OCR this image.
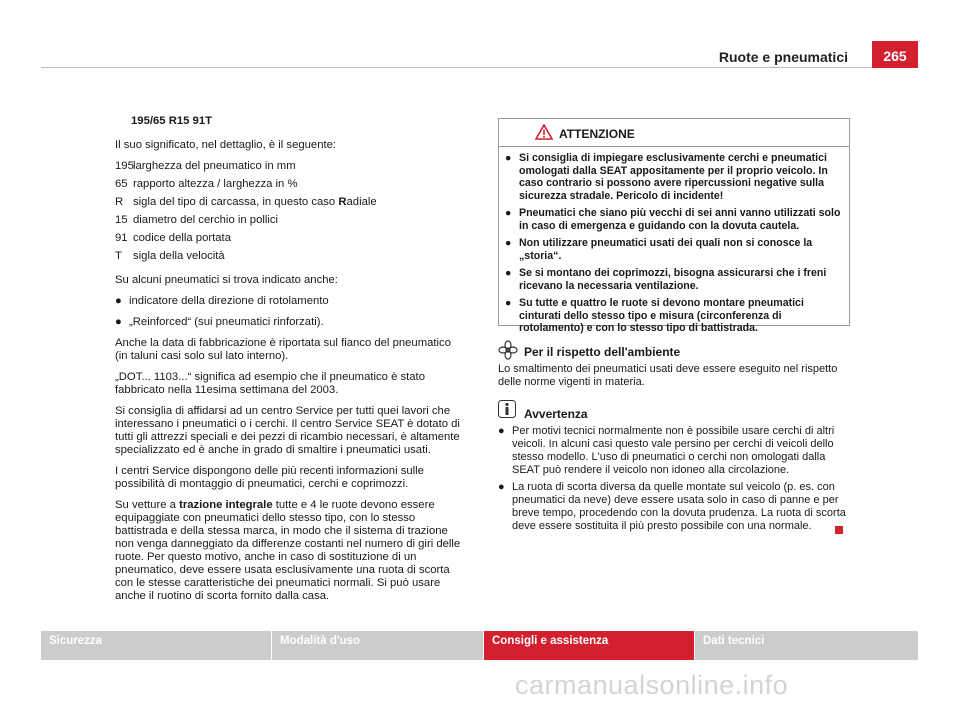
Ruote e pneumatici	265

195/65 R15 91T

Il suo significato, nel dettaglio, è il seguente:

195 larghezza del pneumatico in mm
65 rapporto altezza / larghezza in %
R sigla del tipo di carcassa, in questo caso Radiale
15 diametro del cerchio in pollici
91 codice della portata
T sigla della velocità

Su alcuni pneumatici si trova indicato anche:

● indicatore della direzione di rotolamento
● „Reinforced“ (sui pneumatici rinforzati).

Anche la data di fabbricazione è riportata sul fianco del pneumatico (in taluni casi solo sul lato interno).

„DOT... 1103...“ significa ad esempio che il pneumatico è stato fabbricato nella 11esima settimana del 2003.

Si consiglia di affidarsi ad un centro Service per tutti quei lavori che interessano i pneumatici o i cerchi. Il centro Service SEAT è dotato di tutti gli attrezzi speciali e dei pezzi di ricambio necessari, è altamente specializzato ed è anche in grado di smaltire i pneumatici usati.

I centri Service dispongono delle più recenti informazioni sulle possibilità di montaggio di pneumatici, cerchi e coprimozzi.

Su vetture a trazione integrale tutte e 4 le ruote devono essere equipaggiate con pneumatici dello stesso tipo, con lo stesso battistrada e della stessa marca, in modo che il sistema di trazione non venga danneggiato da differenze costanti nel numero di giri delle ruote. Per questo motivo, anche in caso di sostituzione di un pneumatico, deve essere usata esclusivamente una ruota di scorta con le stesse caratteristiche dei pneumatici normali. Si può usare anche il ruotino di scorta fornito dalla casa.

ATTENZIONE
● Si consiglia di impiegare esclusivamente cerchi e pneumatici omologati dalla SEAT appositamente per il proprio veicolo. In caso contrario si possono avere ripercussioni negative sulla sicurezza stradale. Pericolo di incidente!
● Pneumatici che siano più vecchi di sei anni vanno utilizzati solo in caso di emergenza e guidando con la dovuta cautela.
● Non utilizzare pneumatici usati dei quali non si conosce la „storia“.
● Se si montano dei coprimozzi, bisogna assicurarsi che i freni ricevano la necessaria ventilazione.
● Su tutte e quattro le ruote si devono montare pneumatici cinturati dello stesso tipo e misura (circonferenza di rotolamento) e con lo stesso tipo di battistrada.
Per il rispetto dell'ambiente

Lo smaltimento dei pneumatici usati deve essere eseguito nel rispetto delle norme vigenti in materia.

Avvertenza
● Per motivi tecnici normalmente non è possibile usare cerchi di altri veicoli. In alcuni casi questo vale persino per cerchi di veicoli dello stesso modello. L'uso di pneumatici o cerchi non omologati dalla SEAT può rendere il veicolo non idoneo alla circolazione.
● La ruota di scorta diversa da quelle montate sul veicolo (p. es. con pneumatici da neve) deve essere usata solo in caso di panne e per breve tempo, procedendo con la dovuta prudenza. La ruota di scorta deve essere sostituita il più presto possibile con una normale.
Sicurezza	Modalità d'uso	Consigli e assistenza	Dati tecnici
carmanualsonline.info
